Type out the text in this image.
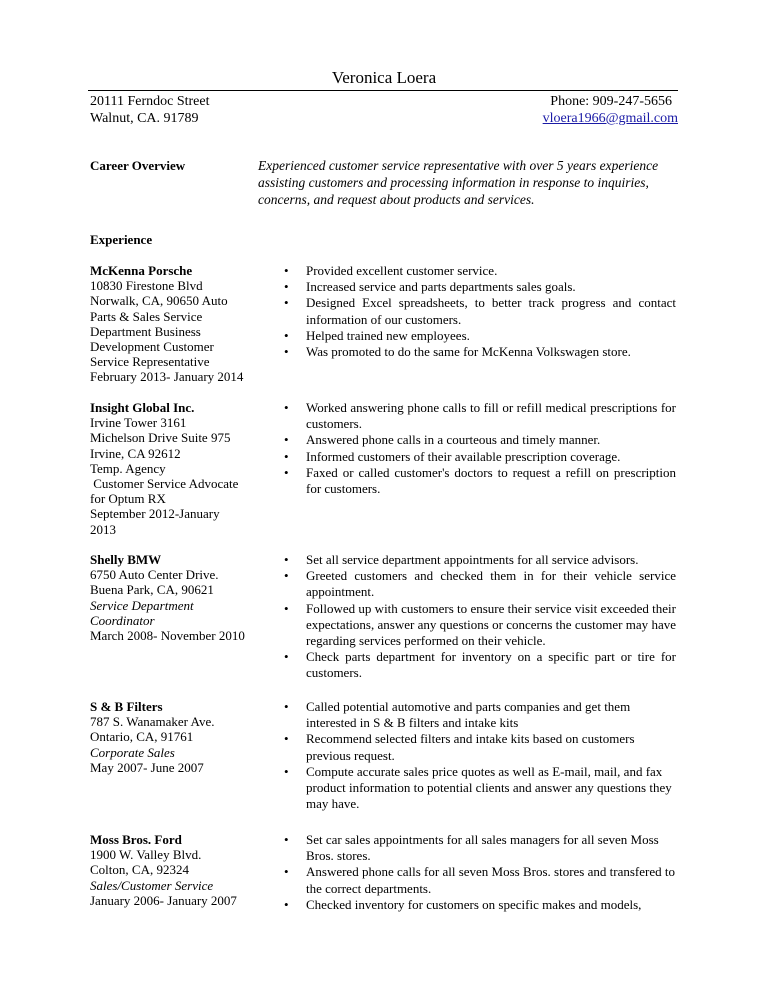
Veronica Loera
20111 Ferndoc Street
Walnut, CA. 91789
Phone: 909-247-5656
vloera1966@gmail.com
Career Overview	Experienced customer service representative with over 5 years experience assisting customers and processing information in response to inquiries, concerns, and request about products and services.
Experience
McKenna Porsche
10830 Firestone Blvd
Norwalk, CA, 90650 Auto
Parts & Sales Service
Department Business
Development Customer
Service Representative
February 2013- January 2014
• Provided excellent customer service.
• Increased service and parts departments sales goals.
• Designed Excel spreadsheets, to better track progress and contact information of our customers.
• Helped trained new employees.
• Was promoted to do the same for McKenna Volkswagen store.
Insight Global Inc.
Irvine Tower 3161
Michelson Drive Suite 975
Irvine, CA 92612
Temp. Agency
Customer Service Advocate
for Optum RX
September 2012-January
2013
• Worked answering phone calls to fill or refill medical prescriptions for customers.
• Answered phone calls in a courteous and timely manner.
• Informed customers of their available prescription coverage.
• Faxed or called customer's doctors to request a refill on prescription for customers.
Shelly BMW
6750 Auto Center Drive.
Buena Park, CA, 90621
Service Department
Coordinator
March 2008- November 2010
• Set all service department appointments for all service advisors.
• Greeted customers and checked them in for their vehicle service appointment.
• Followed up with customers to ensure their service visit exceeded their expectations, answer any questions or concerns the customer may have regarding services performed on their vehicle.
• Check parts department for inventory on a specific part or tire for customers.
S & B Filters
787 S. Wanamaker Ave.
Ontario, CA, 91761
Corporate Sales
May 2007- June 2007
• Called potential automotive and parts companies and get them interested in S & B filters and intake kits
• Recommend selected filters and intake kits based on customers previous request.
• Compute accurate sales price quotes as well as E-mail, mail, and fax product information to potential clients and answer any questions they may have.
Moss Bros. Ford
1900 W. Valley Blvd.
Colton, CA, 92324
Sales/Customer Service
January 2006- January 2007
• Set car sales appointments for all sales managers for all seven Moss Bros. stores.
• Answered phone calls for all seven Moss Bros. stores and transfered to the correct departments.
• Checked inventory for customers on specific makes and models,
